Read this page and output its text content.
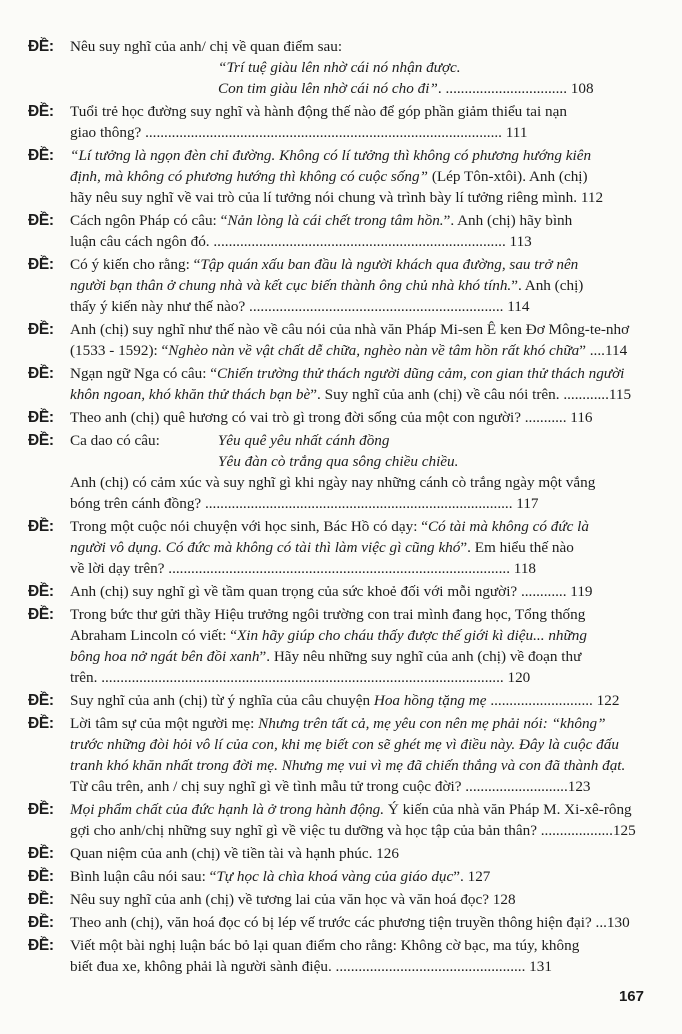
ĐỀ:	Nêu suy nghĩ của anh/ chị về quan điểm sau:

“Trí tuệ giàu lên nhờ cái nó nhận được.

Con tim giàu lên nhờ cái nó cho đi”. ................................ 108

ĐỀ:	Tuổi trẻ học đường suy nghĩ và hành động thế nào để góp phần giảm thiểu tai nạn

giao thông? .............................................................................................. 111

ĐỀ:	“Lí tưởng là ngọn đèn chỉ đường. Không có lí tưởng thì không có phương hướng kiên

định, mà không có phương hướng thì không có cuộc sống” (Lép Tôn-xtôi). Anh (chị)

hãy nêu suy nghĩ về vai trò của lí tưởng nói chung và trình bày lí tưởng riêng mình. 112

ĐỀ:	Cách ngôn Pháp có câu: “Nản lòng là cái chết trong tâm hồn.”. Anh (chị) hãy bình

luận câu cách ngôn đó. ............................................................................. 113

ĐỀ:	Có ý kiến cho rằng: “Tập quán xấu ban đầu là người khách qua đường, sau trở nên

người bạn thân ở chung nhà và kết cục biến thành ông chủ nhà khó tính.”. Anh (chị)

thấy ý kiến này như thế nào? ................................................................... 114

ĐỀ:	Anh (chị) suy nghĩ như thế nào về câu nói của nhà văn Pháp Mi-sen Ê ken Đơ Mông-te-nhơ

(1533 - 1592): “Nghèo nàn về vật chất dễ chữa, nghèo nàn về tâm hồn rất khó chữa” ....114

ĐỀ:	Ngạn ngữ Nga có câu: “Chiến trường thử thách người dũng cảm, con gian thử thách người

khôn ngoan, khó khăn thử thách bạn bè”. Suy nghĩ của anh (chị) về câu nói trên. ............115

ĐỀ:	Theo anh (chị) quê hương có vai trò gì trong đời sống của một con người? ........... 116

ĐỀ:	Ca dao có câu:	Yêu quê yêu nhất cánh đồng

Yêu đàn cò trắng qua sông chiều chiều.

Anh (chị) có cảm xúc và suy nghĩ gì khi ngày nay những cánh cò trắng ngày một vắng

bóng trên cánh đồng? ................................................................................. 117

ĐỀ:	Trong một cuộc nói chuyện với học sinh, Bác Hồ có dạy: “Có tài mà không có đức là

người vô dụng. Có đức mà không có tài thì làm việc gì cũng khó”. Em hiểu thế nào

về lời dạy trên? .......................................................................................... 118

ĐỀ:	Anh (chị) suy nghĩ gì về tầm quan trọng của sức khoẻ đối với mỗi người? ............ 119

ĐỀ:	Trong bức thư gửi thầy Hiệu trưởng ngôi trường con trai mình đang học, Tổng thống

Abraham Lincoln có viết: “Xin hãy giúp cho cháu thấy được thế giới kì diệu... những

bông hoa nở ngát bên đồi xanh”. Hãy nêu những suy nghĩ của anh (chị) về đoạn thư

trên. .......................................................................................................... 120

ĐỀ:	Suy nghĩ của anh (chị) từ ý nghĩa của câu chuyện Hoa hồng tặng mẹ ........................... 122

ĐỀ:	Lời tâm sự của một người mẹ: Nhưng trên tất cả, mẹ yêu con nên mẹ phải nói: “không”

trước những đòi hỏi vô lí của con, khi mẹ biết con sẽ ghét mẹ vì điều này. Đây là cuộc đấu

tranh khó khăn nhất trong đời mẹ. Nhưng mẹ vui vì mẹ đã chiến thắng và con đã thành đạt.

Từ câu trên, anh / chị suy nghĩ gì về tình mẫu tử trong cuộc đời? ...........................123

ĐỀ:	Mọi phẩm chất của đức hạnh là ở trong hành động. Ý kiến của nhà văn Pháp M. Xi-xê-rông

gợi cho anh/chị những suy nghĩ gì về việc tu dưỡng và học tập của bản thân? ...................125

ĐỀ:	Quan niệm của anh (chị) về tiền tài và hạnh phúc. 126

ĐỀ:	Bình luận câu nói sau: “Tự học là chìa khoá vàng của giáo dục”. 127

ĐỀ:	Nêu suy nghĩ của anh (chị) về tương lai của văn học và văn hoá đọc? 128

ĐỀ:	Theo anh (chị), văn hoá đọc có bị lép vế trước các phương tiện truyền thông hiện đại? ...130

ĐỀ:	Viết một bài nghị luận bác bỏ lại quan điểm cho rằng: Không cờ bạc, ma túy, không

biết đua xe, không phải là người sành điệu. .................................................. 131

167
